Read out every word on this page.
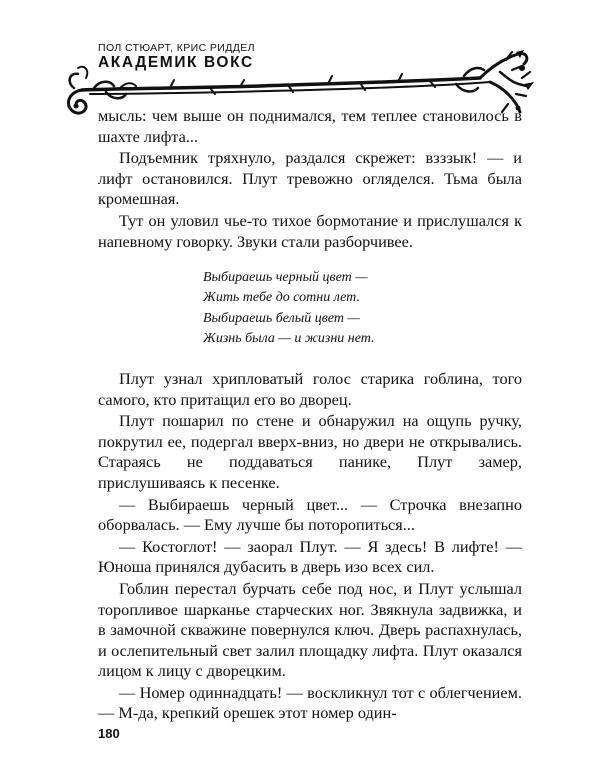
ПОЛ СТЮАРТ, КРИС РИДДЕЛ
АКАДЕМИК ВОКС

мысль: чем выше он поднимался, тем теплее становилось в шахте лифта...

Подъемник тряхнуло, раздался скрежет: взззык! — и лифт остановился. Плут тревожно огляделся. Тьма была кромешная.

Тут он уловил чье-то тихое бормотание и прислушался к напевному говорку. Звуки стали разборчивее.

Выбираешь черный цвет —
Жить тебе до сотни лет.
Выбираешь белый цвет —
Жизнь была — и жизни нет.

Плут узнал хрипловатый голос старика гоблина, того самого, кто притащил его во дворец.

Плут пошарил по стене и обнаружил на ощупь ручку, покрутил ее, подергал вверх-вниз, но двери не открывались. Стараясь не поддаваться панике, Плут замер, прислушиваясь к песенке.

— Выбираешь черный цвет... — Строчка внезапно оборвалась. — Ему лучше бы поторопиться...

— Костоглот! — заорал Плут. — Я здесь! В лифте! — Юноша принялся дубасить в дверь изо всех сил.

Гоблин перестал бурчать себе под нос, и Плут услышал торопливое шарканье старческих ног. Звякнула задвижка, и в замочной скважине повернулся ключ. Дверь распахнулась, и ослепительный свет залил площадку лифта. Плут оказался лицом к лицу с дворецким.

— Номер одиннадцать! — воскликнул тот с облегчением. — М-да, крепкий орешек этот номер один-

180
